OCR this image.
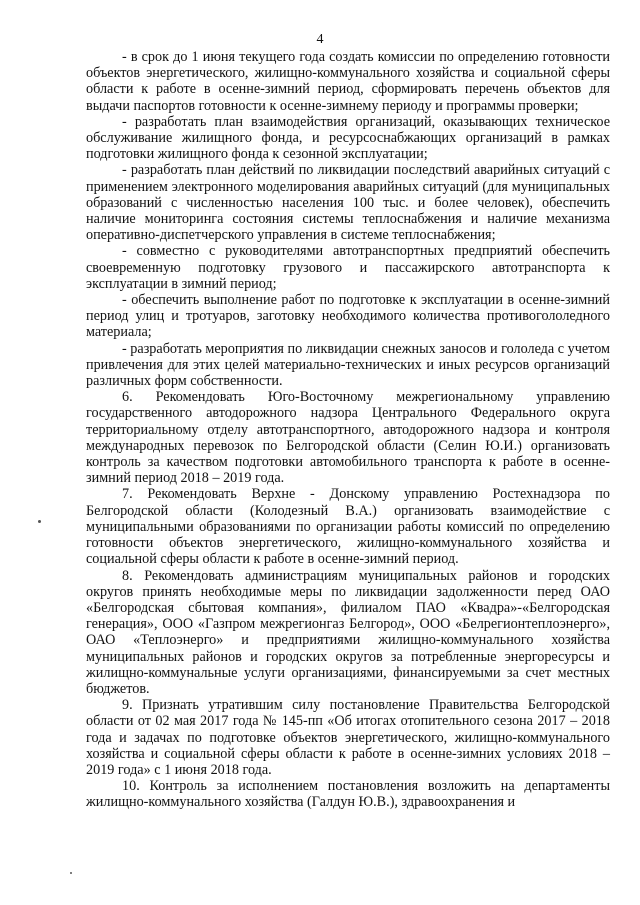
4

- в срок до 1 июня текущего года создать комиссии по определению готовности объектов энергетического, жилищно-коммунального хозяйства и социальной сферы области к работе в осенне-зимний период, сформировать перечень объектов для выдачи паспортов готовности к осенне-зимнему периоду и программы проверки;

- разработать план взаимодействия организаций, оказывающих техническое обслуживание жилищного фонда, и ресурсоснабжающих организаций в рамках подготовки жилищного фонда к сезонной эксплуатации;

- разработать план действий по ликвидации последствий аварийных ситуаций с применением электронного моделирования аварийных ситуаций (для муниципальных образований с численностью населения 100 тыс. и более человек), обеспечить наличие мониторинга состояния системы теплоснабжения и наличие механизма оперативно-диспетчерского управления в системе теплоснабжения;

- совместно с руководителями автотранспортных предприятий обеспечить своевременную подготовку грузового и пассажирского автотранспорта к эксплуатации в зимний период;

- обеспечить выполнение работ по подготовке к эксплуатации в осенне-зимний период улиц и тротуаров, заготовку необходимого количества противогололедного материала;

- разработать мероприятия по ликвидации снежных заносов и гололеда с учетом привлечения для этих целей материально-технических и иных ресурсов организаций различных форм собственности.

6. Рекомендовать Юго-Восточному межрегиональному управлению государственного автодорожного надзора Центрального Федерального округа территориальному отделу автотранспортного, автодорожного надзора и контроля международных перевозок по Белгородской области (Селин Ю.И.) организовать контроль за качеством подготовки автомобильного транспорта к работе в осенне-зимний период 2018 – 2019 года.

7. Рекомендовать Верхне - Донскому управлению Ростехнадзора по Белгородской области (Колодезный В.А.) организовать взаимодействие с муниципальными образованиями по организации работы комиссий по определению готовности объектов энергетического, жилищно-коммунального хозяйства и социальной сферы области к работе в осенне-зимний период.

8. Рекомендовать администрациям муниципальных районов и городских округов принять необходимые меры по ликвидации задолженности перед ОАО «Белгородская сбытовая компания», филиалом ПАО «Квадра»-«Белгородская генерация», ООО «Газпром межрегионгаз Белгород», ООО «Белрегионтеплоэнерго», ОАО «Теплоэнерго» и предприятиями жилищно-коммунального хозяйства муниципальных районов и городских округов за потребленные энергоресурсы и жилищно-коммунальные услуги организациями, финансируемыми за счет местных бюджетов.

9. Признать утратившим силу постановление Правительства Белгородской области от 02 мая 2017 года № 145-пп «Об итогах отопительного сезона 2017 – 2018 года и задачах по подготовке объектов энергетического, жилищно-коммунального хозяйства и социальной сферы области к работе в осенне-зимних условиях 2018 – 2019 года» с 1 июня 2018 года.

10. Контроль за исполнением постановления возложить на департаменты жилищно-коммунального хозяйства (Галдун Ю.В.), здравоохранения и
